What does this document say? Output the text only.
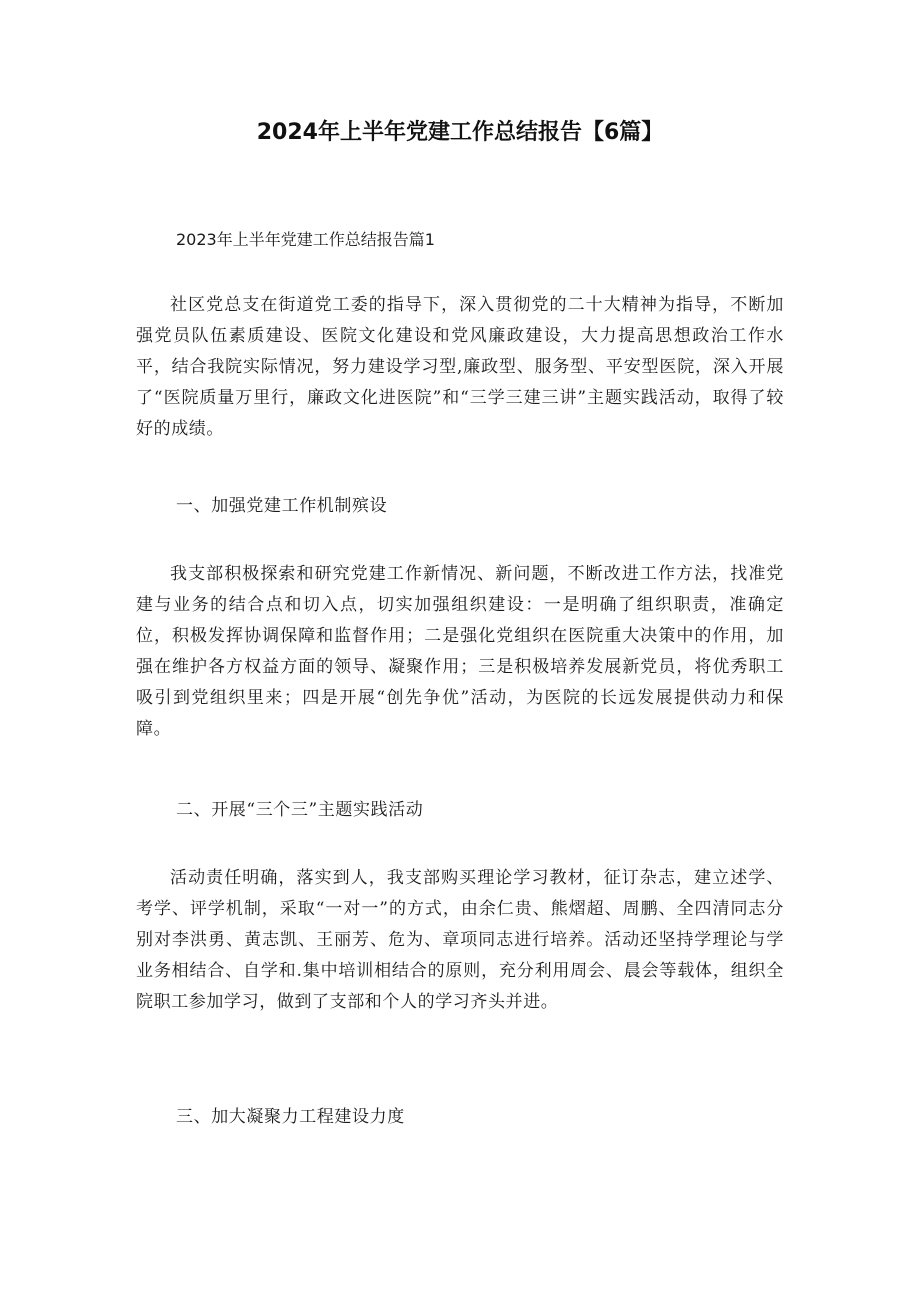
2024年上半年党建工作总结报告【6篇】

2023年上半年党建工作总结报告篇1

社区党总支在街道党工委的指导下，深入贯彻党的二十大精神为指导，不断加强党员队伍素质建设、医院文化建设和党风廉政建设，大力提高思想政治工作水平，结合我院实际情况，努力建设学习型,廉政型、服务型、平安型医院，深入开展了“医院质量万里行，廉政文化进医院”和“三学三建三讲”主题实践活动，取得了较好的成绩。

一、加强党建工作机制殡设

我支部积极探索和研究党建工作新情况、新问题，不断改进工作方法，找准党建与业务的结合点和切入点，切实加强组织建设：一是明确了组织职责，准确定位，积极发挥协调保障和监督作用；二是强化党组织在医院重大决策中的作用，加强在维护各方权益方面的领导、凝聚作用；三是积极培养发展新党员，将优秀职工吸引到党组织里来；四是开展“创先争优”活动，为医院的长远发展提供动力和保障。

二、开展“三个三”主题实践活动

活动责任明确，落实到人，我支部购买理论学习教材，征订杂志，建立述学、考学、评学机制，采取“一对一”的方式，由余仁贵、熊熠超、周鹏、全四清同志分别对李洪勇、黄志凯、王丽芳、危为、章项同志进行培养。活动还坚持学理论与学业务相结合、自学和.集中培训相结合的原则，充分利用周会、晨会等载体，组织全院职工参加学习，做到了支部和个人的学习齐头并进。

三、加大凝聚力工程建设力度
